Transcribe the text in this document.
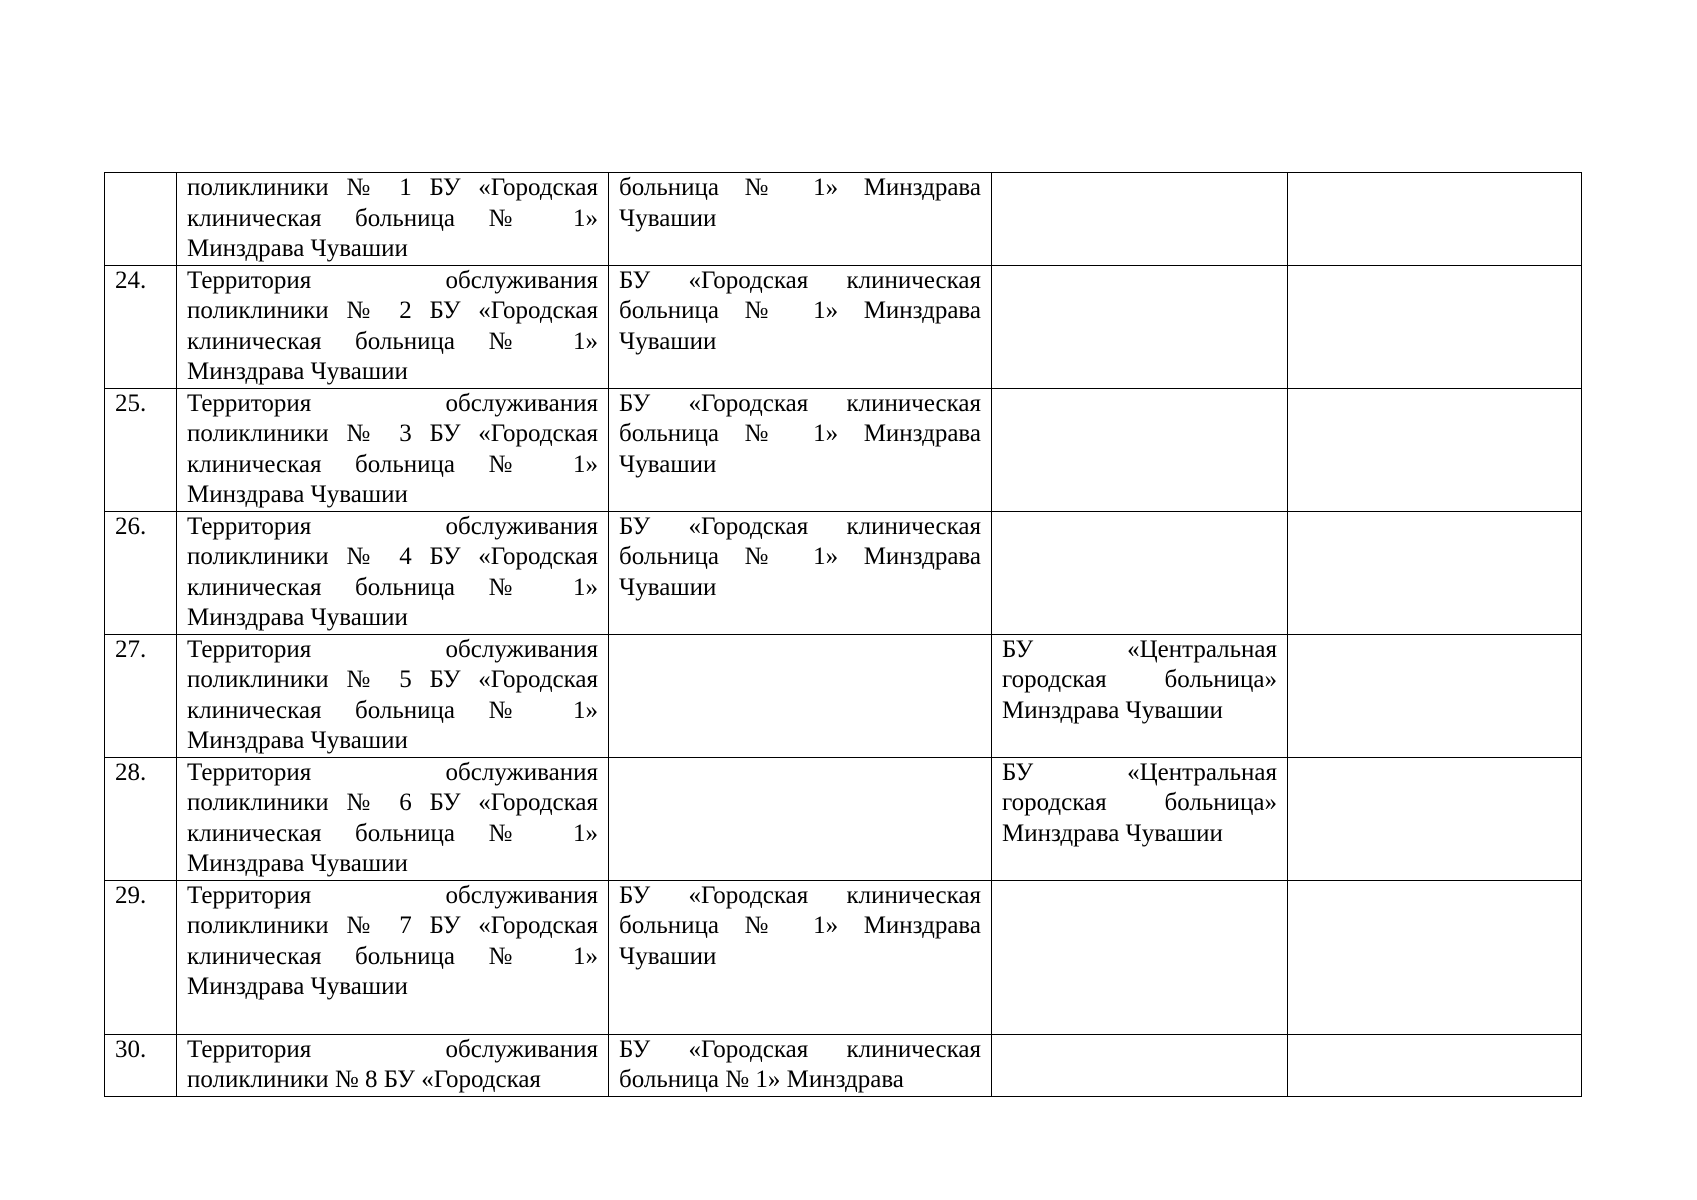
	поликлиники № 1 БУ «Городская клиническая больница № 1» Минздрава Чувашии	больница № 1» Минздрава Чувашии		

24.	Территория обслуживания поликлиники № 2 БУ «Городская клиническая больница № 1» Минздрава Чувашии	БУ «Городская клиническая больница № 1» Минздрава Чувашии		

25.	Территория обслуживания поликлиники № 3 БУ «Городская клиническая больница № 1» Минздрава Чувашии	БУ «Городская клиническая больница № 1» Минздрава Чувашии		

26.	Территория обслуживания поликлиники № 4 БУ «Городская клиническая больница № 1» Минздрава Чувашии	БУ «Городская клиническая больница № 1» Минздрава Чувашии		

27.	Территория обслуживания поликлиники № 5 БУ «Городская клиническая больница № 1» Минздрава Чувашии		БУ «Центральная городская больница» Минздрава Чувашии	

28.	Территория обслуживания поликлиники № 6 БУ «Городская клиническая больница № 1» Минздрава Чувашии		БУ «Центральная городская больница» Минздрава Чувашии	

29.	Территория обслуживания поликлиники № 7 БУ «Городская клиническая больница № 1» Минздрава Чувашии	БУ «Городская клиническая больница № 1» Минздрава Чувашии		

30.	Территория обслуживания поликлиники № 8 БУ «Городская	БУ «Городская клиническая больница № 1» Минздрава		
